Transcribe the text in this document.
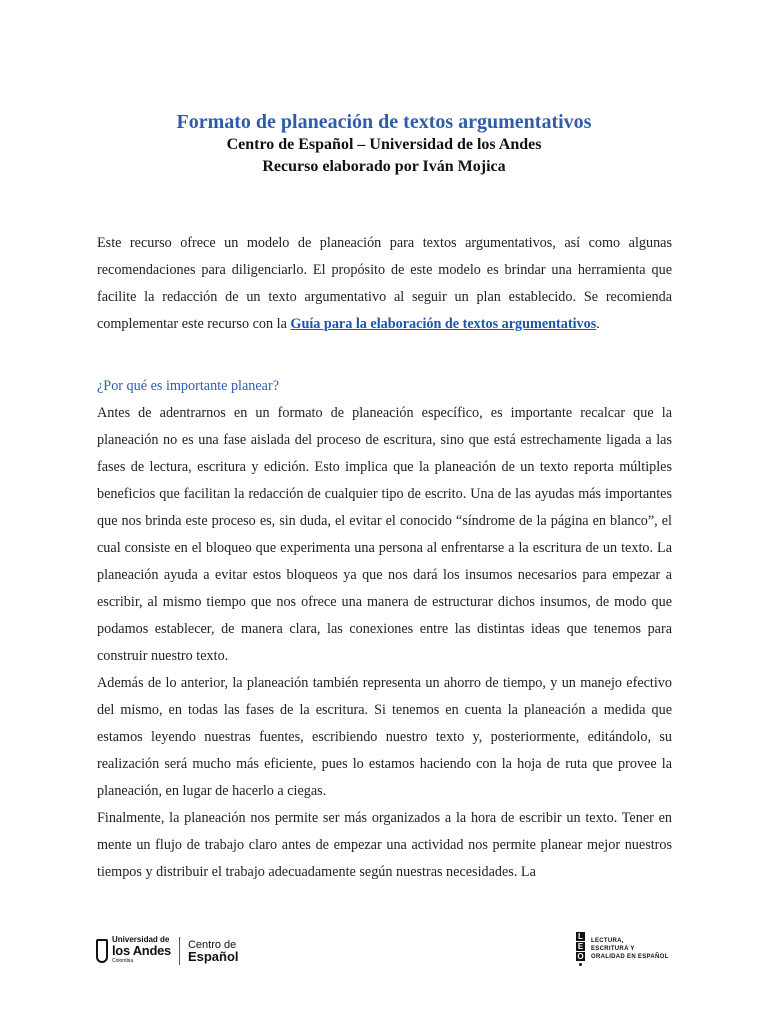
Formato de planeación de textos argumentativos
Centro de Español – Universidad de los Andes
Recurso elaborado por Iván Mojica

Este recurso ofrece un modelo de planeación para textos argumentativos, así como algunas recomendaciones para diligenciarlo. El propósito de este modelo es brindar una herramienta que facilite la redacción de un texto argumentativo al seguir un plan establecido. Se recomienda complementar este recurso con la Guía para la elaboración de textos argumentativos.

¿Por qué es importante planear?

Antes de adentrarnos en un formato de planeación específico, es importante recalcar que la planeación no es una fase aislada del proceso de escritura, sino que está estrechamente ligada a las fases de lectura, escritura y edición. Esto implica que la planeación de un texto reporta múltiples beneficios que facilitan la redacción de cualquier tipo de escrito. Una de las ayudas más importantes que nos brinda este proceso es, sin duda, el evitar el conocido “síndrome de la página en blanco”, el cual consiste en el bloqueo que experimenta una persona al enfrentarse a la escritura de un texto. La planeación ayuda a evitar estos bloqueos ya que nos dará los insumos necesarios para empezar a escribir, al mismo tiempo que nos ofrece una manera de estructurar dichos insumos, de modo que podamos establecer, de manera clara, las conexiones entre las distintas ideas que tenemos para construir nuestro texto.

Además de lo anterior, la planeación también representa un ahorro de tiempo, y un manejo efectivo del mismo, en todas las fases de la escritura. Si tenemos en cuenta la planeación a medida que estamos leyendo nuestras fuentes, escribiendo nuestro texto y, posteriormente, editándolo, su realización será mucho más eficiente, pues lo estamos haciendo con la hoja de ruta que provee la planeación, en lugar de hacerlo a ciegas.

Finalmente, la planeación nos permite ser más organizados a la hora de escribir un texto. Tener en mente un flujo de trabajo claro antes de empezar una actividad nos permite planear mejor nuestros tiempos y distribuir el trabajo adecuadamente según nuestras necesidades. La

Universidad de
los Andes
Colombia
Centro de
Español
L
E
O
LECTURA,
ESCRITURA Y
ORALIDAD EN ESPAÑOL
